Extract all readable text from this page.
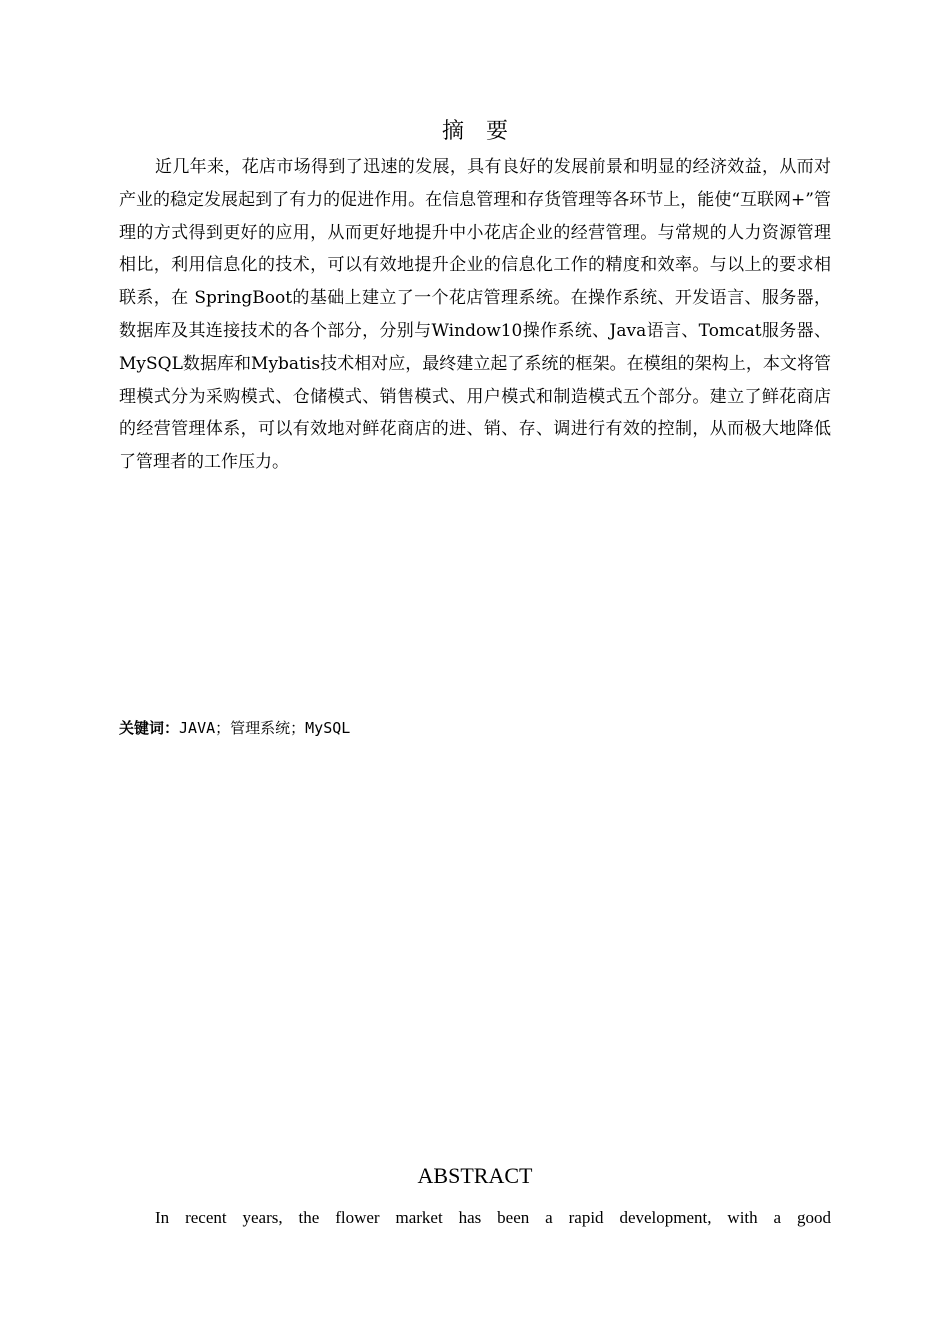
摘要

近几年来，花店市场得到了迅速的发展，具有良好的发展前景和明显的经济效益，从而对产业的稳定发展起到了有力的促进作用。在信息管理和存货管理等各环节上，能使“互联网+”管理的方式得到更好的应用，从而更好地提升中小花店企业的经营管理。与常规的人力资源管理相比，利用信息化的技术，可以有效地提升企业的信息化工作的精度和效率。与以上的要求相联系，在 SpringBoot的基础上建立了一个花店管理系统。在操作系统、开发语言、服务器，数据库及其连接技术的各个部分，分别与Window10操作系统、Java语言、Tomcat服务器、MySQL数据库和Mybatis技术相对应，最终建立起了系统的框架。在模组的架构上，本文将管理模式分为采购模式、仓储模式、销售模式、用户模式和制造模式五个部分。建立了鲜花商店的经营管理体系，可以有效地对鲜花商店的进、销、存、调进行有效的控制，从而极大地降低了管理者的工作压力。

关键词：JAVA；管理系统；MySQL
ABSTRACT

In recent years, the flower market has been a rapid development, with a good
